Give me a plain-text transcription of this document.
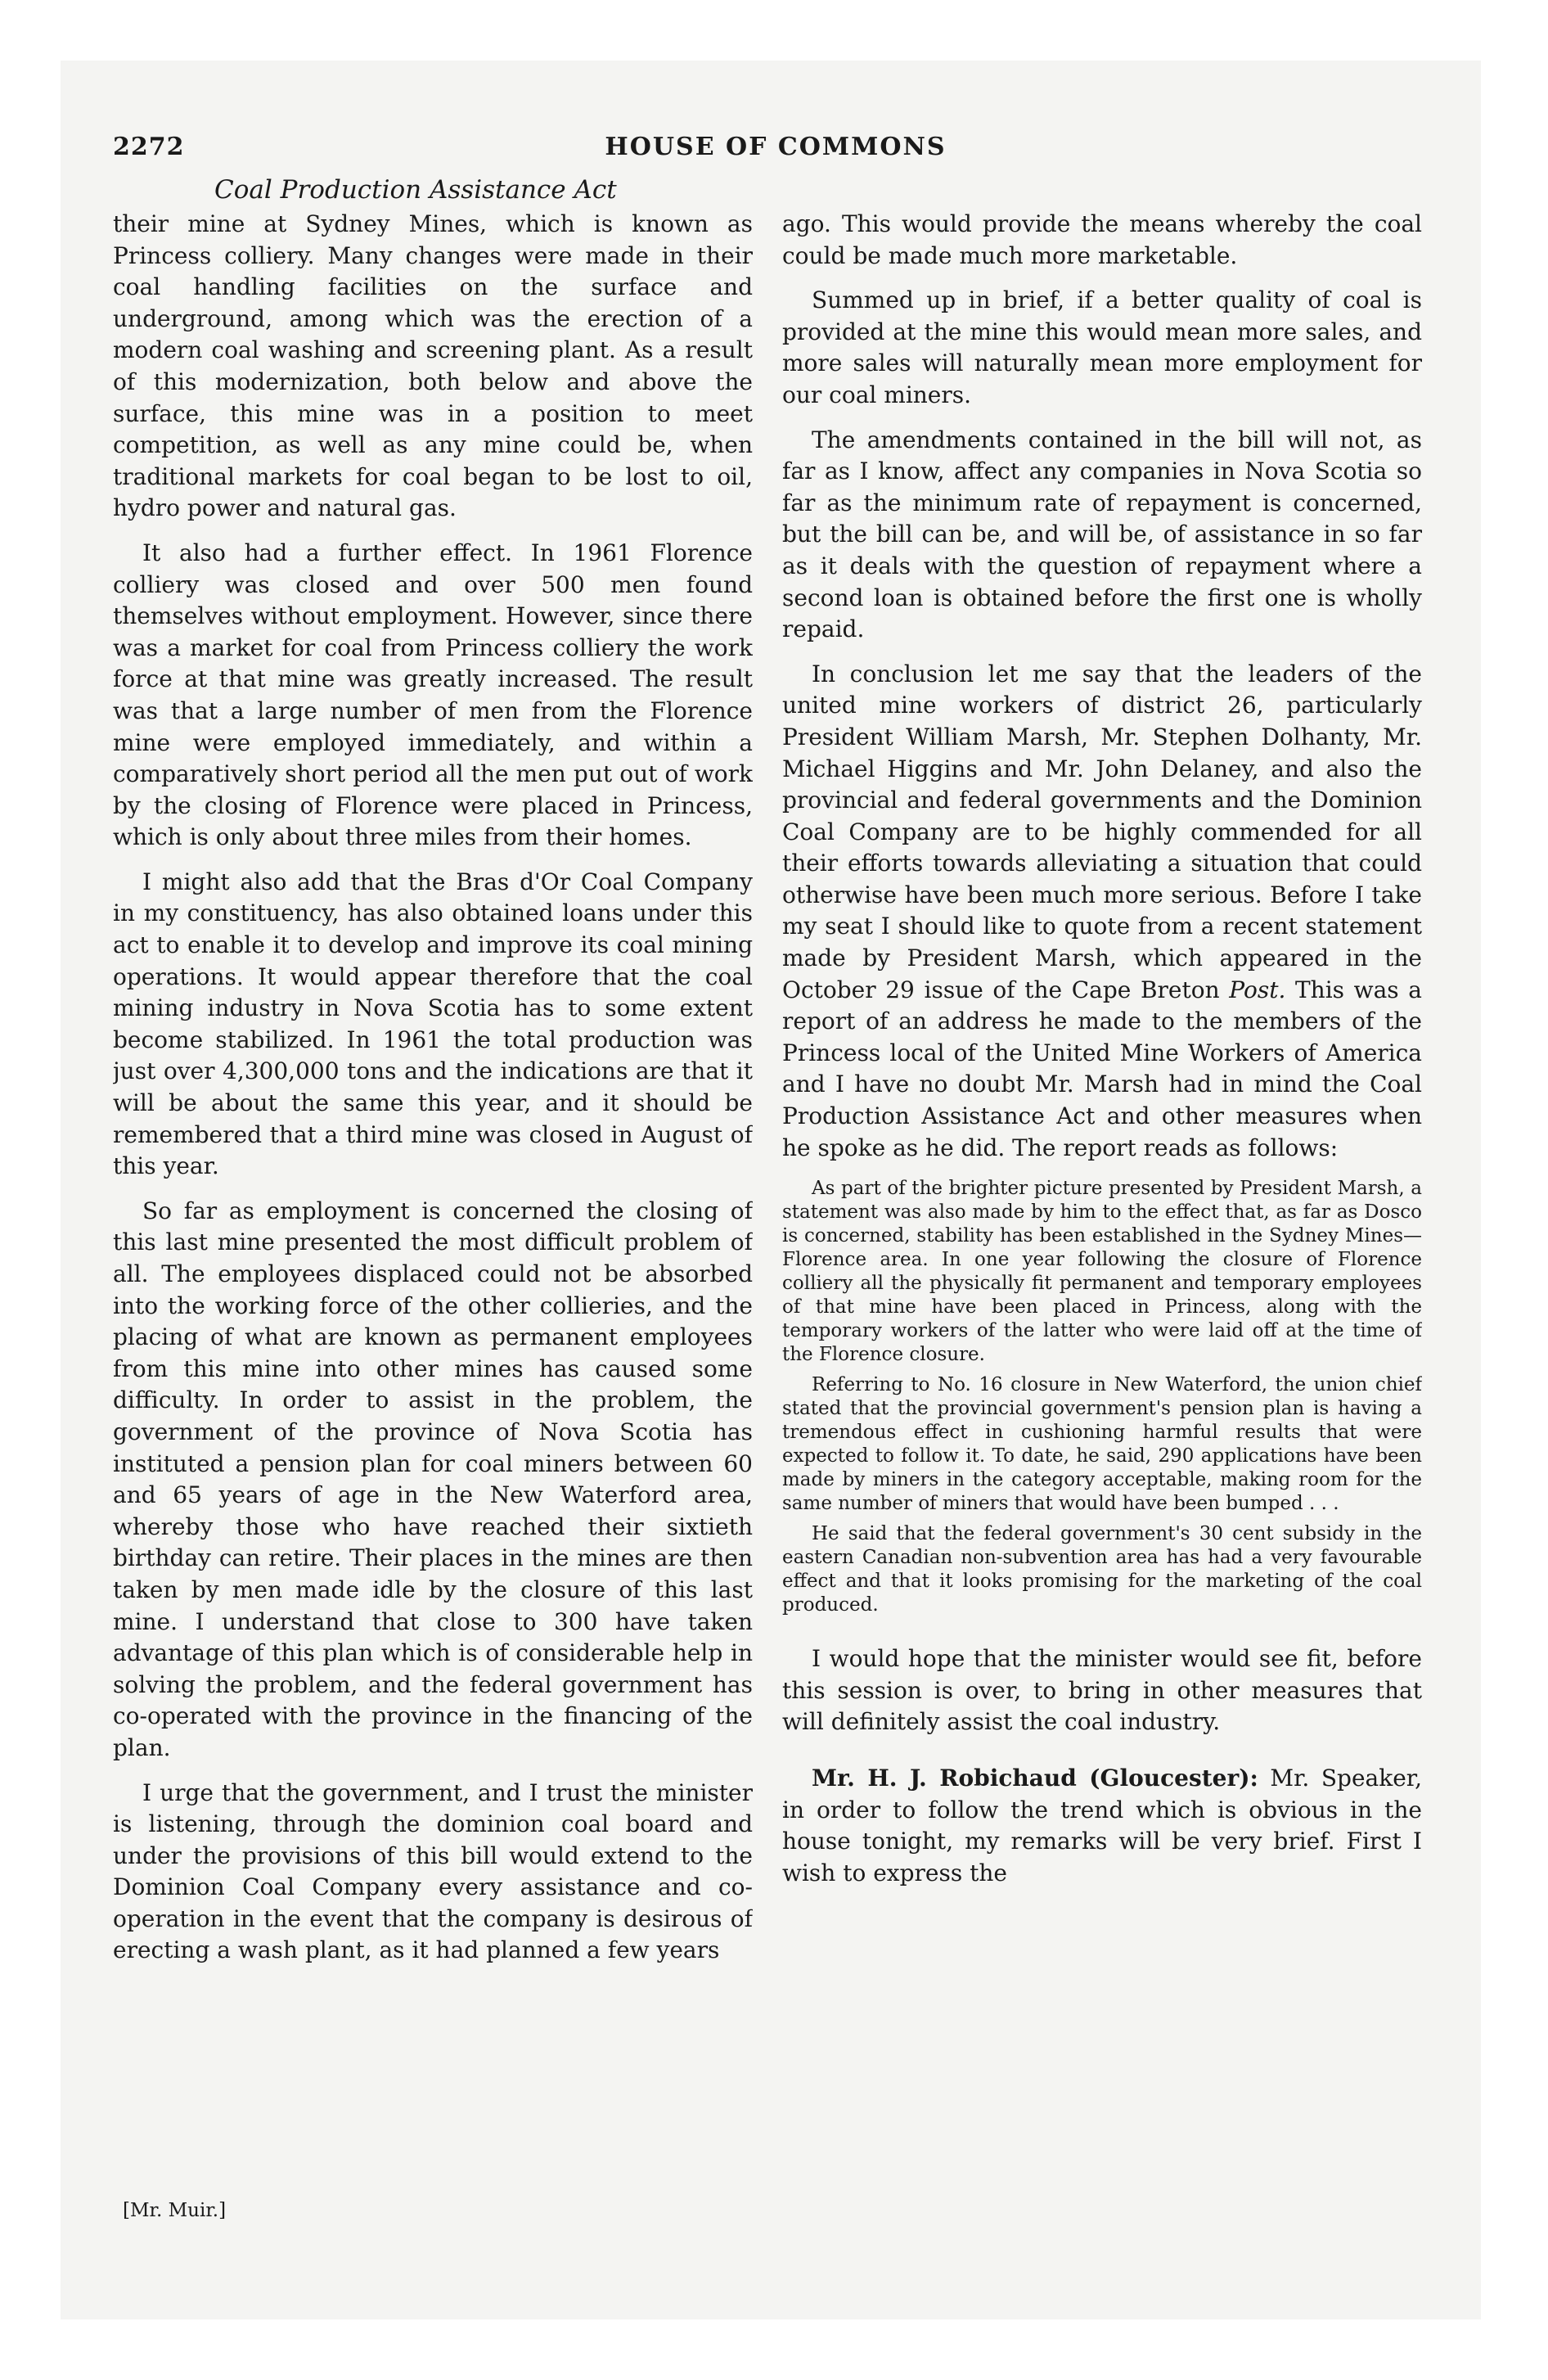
2272	HOUSE OF COMMONS
Coal Production Assistance Act

their mine at Sydney Mines, which is known as Princess colliery. Many changes were made in their coal handling facilities on the surface and underground, among which was the erection of a modern coal washing and screening plant. As a result of this modernization, both below and above the surface, this mine was in a position to meet competition, as well as any mine could be, when traditional markets for coal began to be lost to oil, hydro power and natural gas.

It also had a further effect. In 1961 Florence colliery was closed and over 500 men found themselves without employment. However, since there was a market for coal from Princess colliery the work force at that mine was greatly increased. The result was that a large number of men from the Florence mine were employed immediately, and within a comparatively short period all the men put out of work by the closing of Florence were placed in Princess, which is only about three miles from their homes.

I might also add that the Bras d'Or Coal Company in my constituency, has also obtained loans under this act to enable it to develop and improve its coal mining operations. It would appear therefore that the coal mining industry in Nova Scotia has to some extent become stabilized. In 1961 the total production was just over 4,300,000 tons and the indications are that it will be about the same this year, and it should be remembered that a third mine was closed in August of this year.

So far as employment is concerned the closing of this last mine presented the most difficult problem of all. The employees displaced could not be absorbed into the working force of the other collieries, and the placing of what are known as permanent employees from this mine into other mines has caused some difficulty. In order to assist in the problem, the government of the province of Nova Scotia has instituted a pension plan for coal miners between 60 and 65 years of age in the New Waterford area, whereby those who have reached their sixtieth birthday can retire. Their places in the mines are then taken by men made idle by the closure of this last mine. I understand that close to 300 have taken advantage of this plan which is of considerable help in solving the problem, and the federal government has co-operated with the province in the financing of the plan.

I urge that the government, and I trust the minister is listening, through the dominion coal board and under the provisions of this bill would extend to the Dominion Coal Company every assistance and co-operation in the event that the company is desirous of erecting a wash plant, as it had planned a few years

ago. This would provide the means whereby the coal could be made much more marketable.

Summed up in brief, if a better quality of coal is provided at the mine this would mean more sales, and more sales will naturally mean more employment for our coal miners.

The amendments contained in the bill will not, as far as I know, affect any companies in Nova Scotia so far as the minimum rate of repayment is concerned, but the bill can be, and will be, of assistance in so far as it deals with the question of repayment where a second loan is obtained before the first one is wholly repaid.

In conclusion let me say that the leaders of the united mine workers of district 26, particularly President William Marsh, Mr. Stephen Dolhanty, Mr. Michael Higgins and Mr. John Delaney, and also the provincial and federal governments and the Dominion Coal Company are to be highly commended for all their efforts towards alleviating a situation that could otherwise have been much more serious. Before I take my seat I should like to quote from a recent statement made by President Marsh, which appeared in the October 29 issue of the Cape Breton Post. This was a report of an address he made to the members of the Princess local of the United Mine Workers of America and I have no doubt Mr. Marsh had in mind the Coal Production Assistance Act and other measures when he spoke as he did. The report reads as follows:

As part of the brighter picture presented by President Marsh, a statement was also made by him to the effect that, as far as Dosco is concerned, stability has been established in the Sydney Mines—Florence area. In one year following the closure of Florence colliery all the physically fit permanent and temporary employees of that mine have been placed in Princess, along with the temporary workers of the latter who were laid off at the time of the Florence closure.

Referring to No. 16 closure in New Waterford, the union chief stated that the provincial government's pension plan is having a tremendous effect in cushioning harmful results that were expected to follow it. To date, he said, 290 applications have been made by miners in the category acceptable, making room for the same number of miners that would have been bumped . . .

He said that the federal government's 30 cent subsidy in the eastern Canadian non-subvention area has had a very favourable effect and that it looks promising for the marketing of the coal produced.

I would hope that the minister would see fit, before this session is over, to bring in other measures that will definitely assist the coal industry.

Mr. H. J. Robichaud (Gloucester): Mr. Speaker, in order to follow the trend which is obvious in the house tonight, my remarks will be very brief. First I wish to express the

[Mr. Muir.]
